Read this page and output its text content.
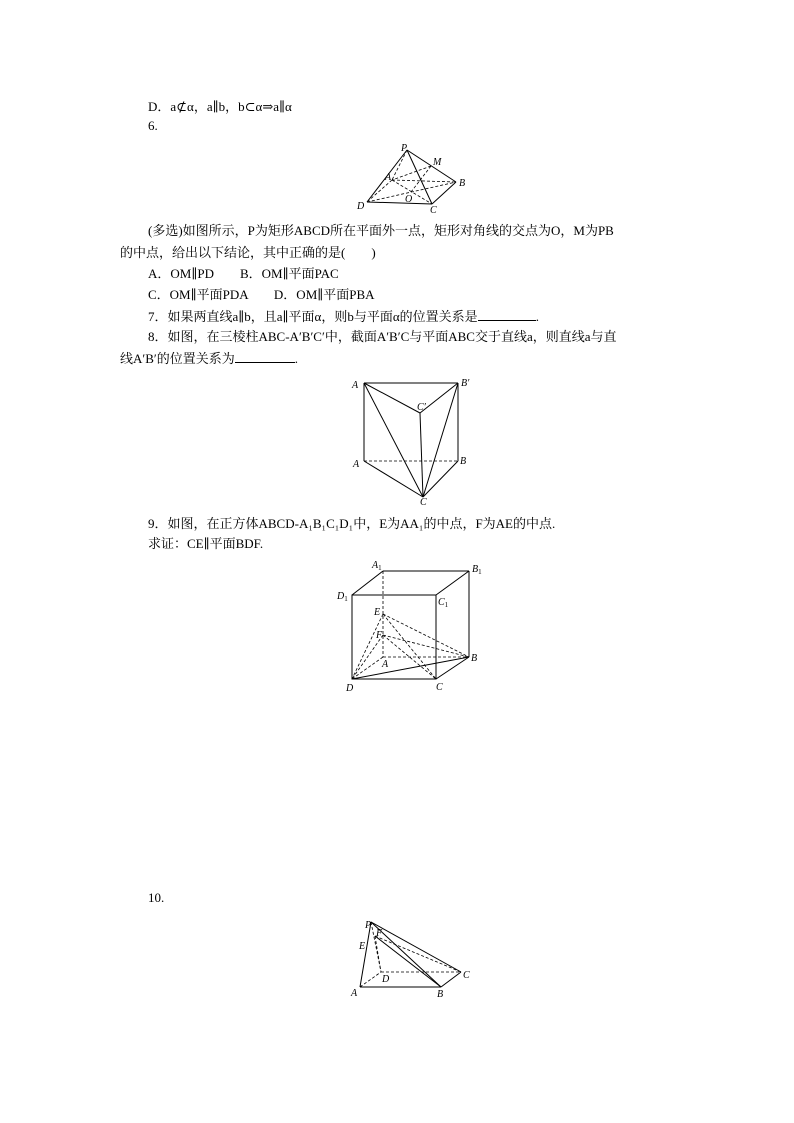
D．a⊄α，a∥b，b⊂α⇒a∥α
6.
P
M
A
B
C
D
O
(多选)如图所示，P为矩形ABCD所在平面外一点，矩形对角线的交点为O，M为PB
的中点，给出以下结论，其中正确的是(　　)
A．OM∥PD　　B．OM∥平面PAC
C．OM∥平面PDA　　D．OM∥平面PBA
7．如果两直线a∥b，且a∥平面α，则b与平面α的位置关系是	.
8．如图，在三棱柱ABC-A′B′C′中，截面A′B′C与平面ABC交于直线a，则直线a与直
线A′B′的位置关系为	.
A	B′
C′
A	B
C
9．如图，在正方体ABCD-A₁B₁C₁D₁中，E为AA₁的中点，F为AE的中点.
求证：CE∥平面BDF.
$A_1$	$B_1$
$C_1$
$D_1$
E
F
A
B
C
D
10.
P
F
E
D	C
A	B
